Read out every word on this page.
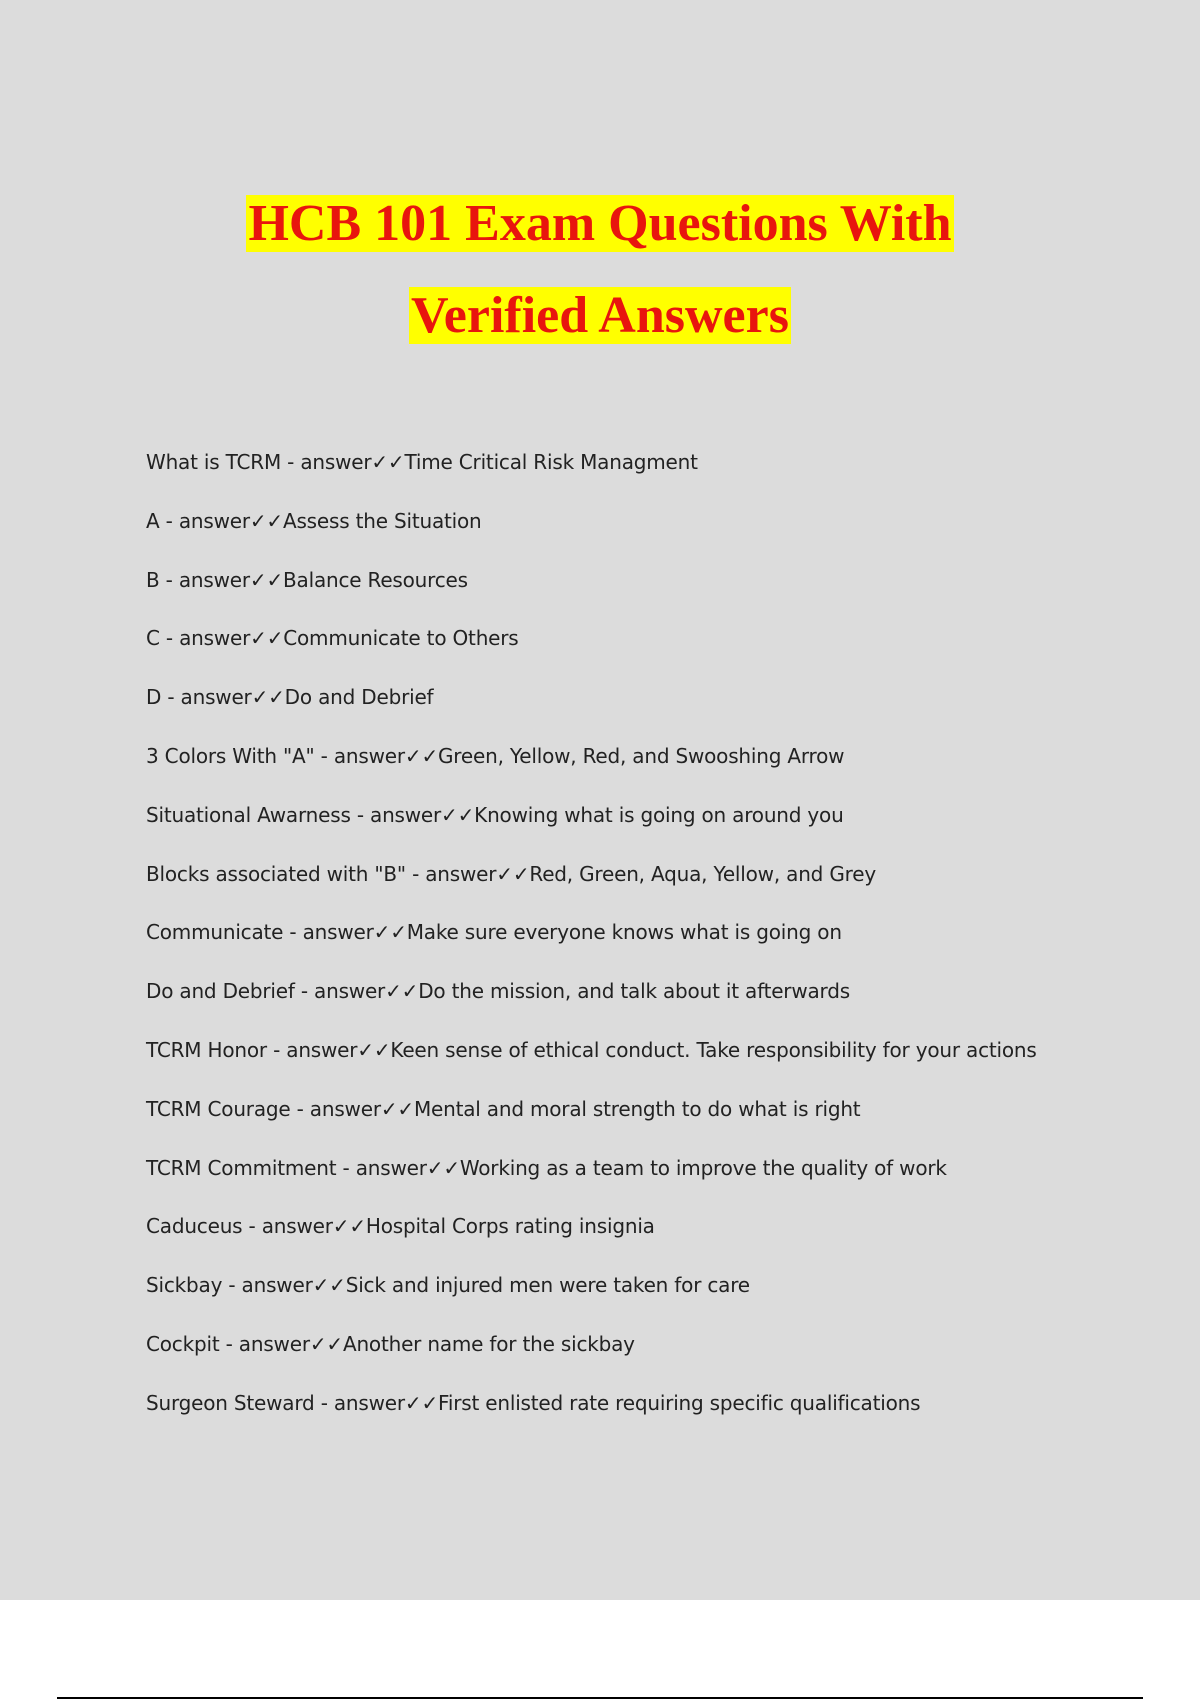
HCB 101 Exam Questions With
Verified Answers
What is TCRM - answer✓✓Time Critical Risk Managment
A - answer✓✓Assess the Situation
B - answer✓✓Balance Resources
C - answer✓✓Communicate to Others
D - answer✓✓Do and Debrief
3 Colors With "A" - answer✓✓Green, Yellow, Red, and Swooshing Arrow
Situational Awarness - answer✓✓Knowing what is going on around you
Blocks associated with "B" - answer✓✓Red, Green, Aqua, Yellow, and Grey
Communicate - answer✓✓Make sure everyone knows what is going on
Do and Debrief - answer✓✓Do the mission, and talk about it afterwards
TCRM Honor - answer✓✓Keen sense of ethical conduct. Take responsibility for your actions
TCRM Courage - answer✓✓Mental and moral strength to do what is right
TCRM Commitment - answer✓✓Working as a team to improve the quality of work
Caduceus - answer✓✓Hospital Corps rating insignia
Sickbay - answer✓✓Sick and injured men were taken for care
Cockpit - answer✓✓Another name for the sickbay
Surgeon Steward - answer✓✓First enlisted rate requiring specific qualifications
